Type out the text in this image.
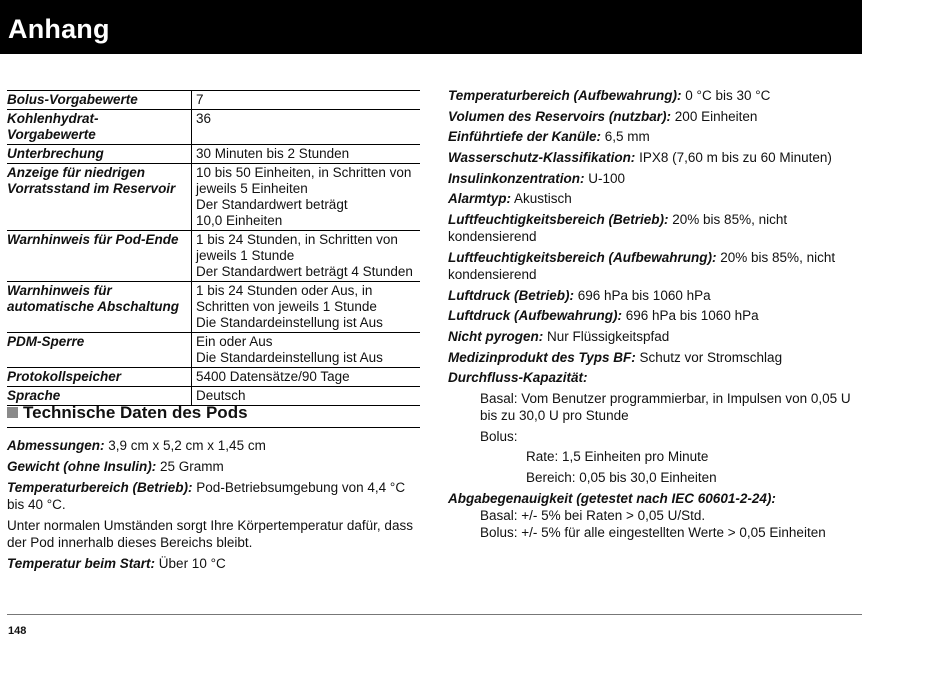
Anhang
Bolus-Vorgabewerte	7

Kohlenhydrat-Vorgabewerte	36

Unterbrechung	30 Minuten bis 2 Stunden

Anzeige für niedrigen Vorratsstand im Reservoir	10 bis 50 Einheiten, in Schritten von jeweils 5 Einheiten
Der Standardwert beträgt
10,0 Einheiten

Warnhinweis für Pod-Ende	1 bis 24 Stunden, in Schritten von jeweils 1 Stunde
Der Standardwert beträgt 4 Stunden

Warnhinweis für automatische Abschaltung	1 bis 24 Stunden oder Aus, in Schritten von jeweils 1 Stunde
Die Standardeinstellung ist Aus

PDM-Sperre	Ein oder Aus
Die Standardeinstellung ist Aus

Protokollspeicher	5400 Datensätze/90 Tage

Sprache	Deutsch
Technische Daten des Pods

Abmessungen: 3,9 cm x 5,2 cm x 1,45 cm

Gewicht (ohne Insulin): 25 Gramm

Temperaturbereich (Betrieb): Pod-Betriebsumgebung von 4,4 °C bis 40 °C.

Unter normalen Umständen sorgt Ihre Körpertemperatur dafür, dass der Pod innerhalb dieses Bereichs bleibt.

Temperatur beim Start: Über 10 °C

Temperaturbereich (Aufbewahrung): 0 °C bis 30 °C

Volumen des Reservoirs (nutzbar): 200 Einheiten

Einführtiefe der Kanüle: 6,5 mm

Wasserschutz-Klassifikation: IPX8 (7,60 m bis zu 60 Minuten)

Insulinkonzentration: U-100

Alarmtyp: Akustisch

Luftfeuchtigkeitsbereich (Betrieb): 20% bis 85%, nicht kondensierend

Luftfeuchtigkeitsbereich (Aufbewahrung): 20% bis 85%, nicht kondensierend

Luftdruck (Betrieb): 696 hPa bis 1060 hPa

Luftdruck (Aufbewahrung): 696 hPa bis 1060 hPa

Nicht pyrogen: Nur Flüssigkeitspfad

Medizinprodukt des Typs BF: Schutz vor Stromschlag

Durchfluss-Kapazität:

Basal: Vom Benutzer programmierbar, in Impulsen von 0,05 U bis zu 30,0 U pro Stunde

Bolus:

Rate: 1,5 Einheiten pro Minute

Bereich: 0,05 bis 30,0 Einheiten

Abgabegenauigkeit (getestet nach IEC 60601-2-24):

Basal: +/- 5% bei Raten > 0,05 U/Std.

Bolus: +/- 5% für alle eingestellten Werte > 0,05 Einheiten

148
